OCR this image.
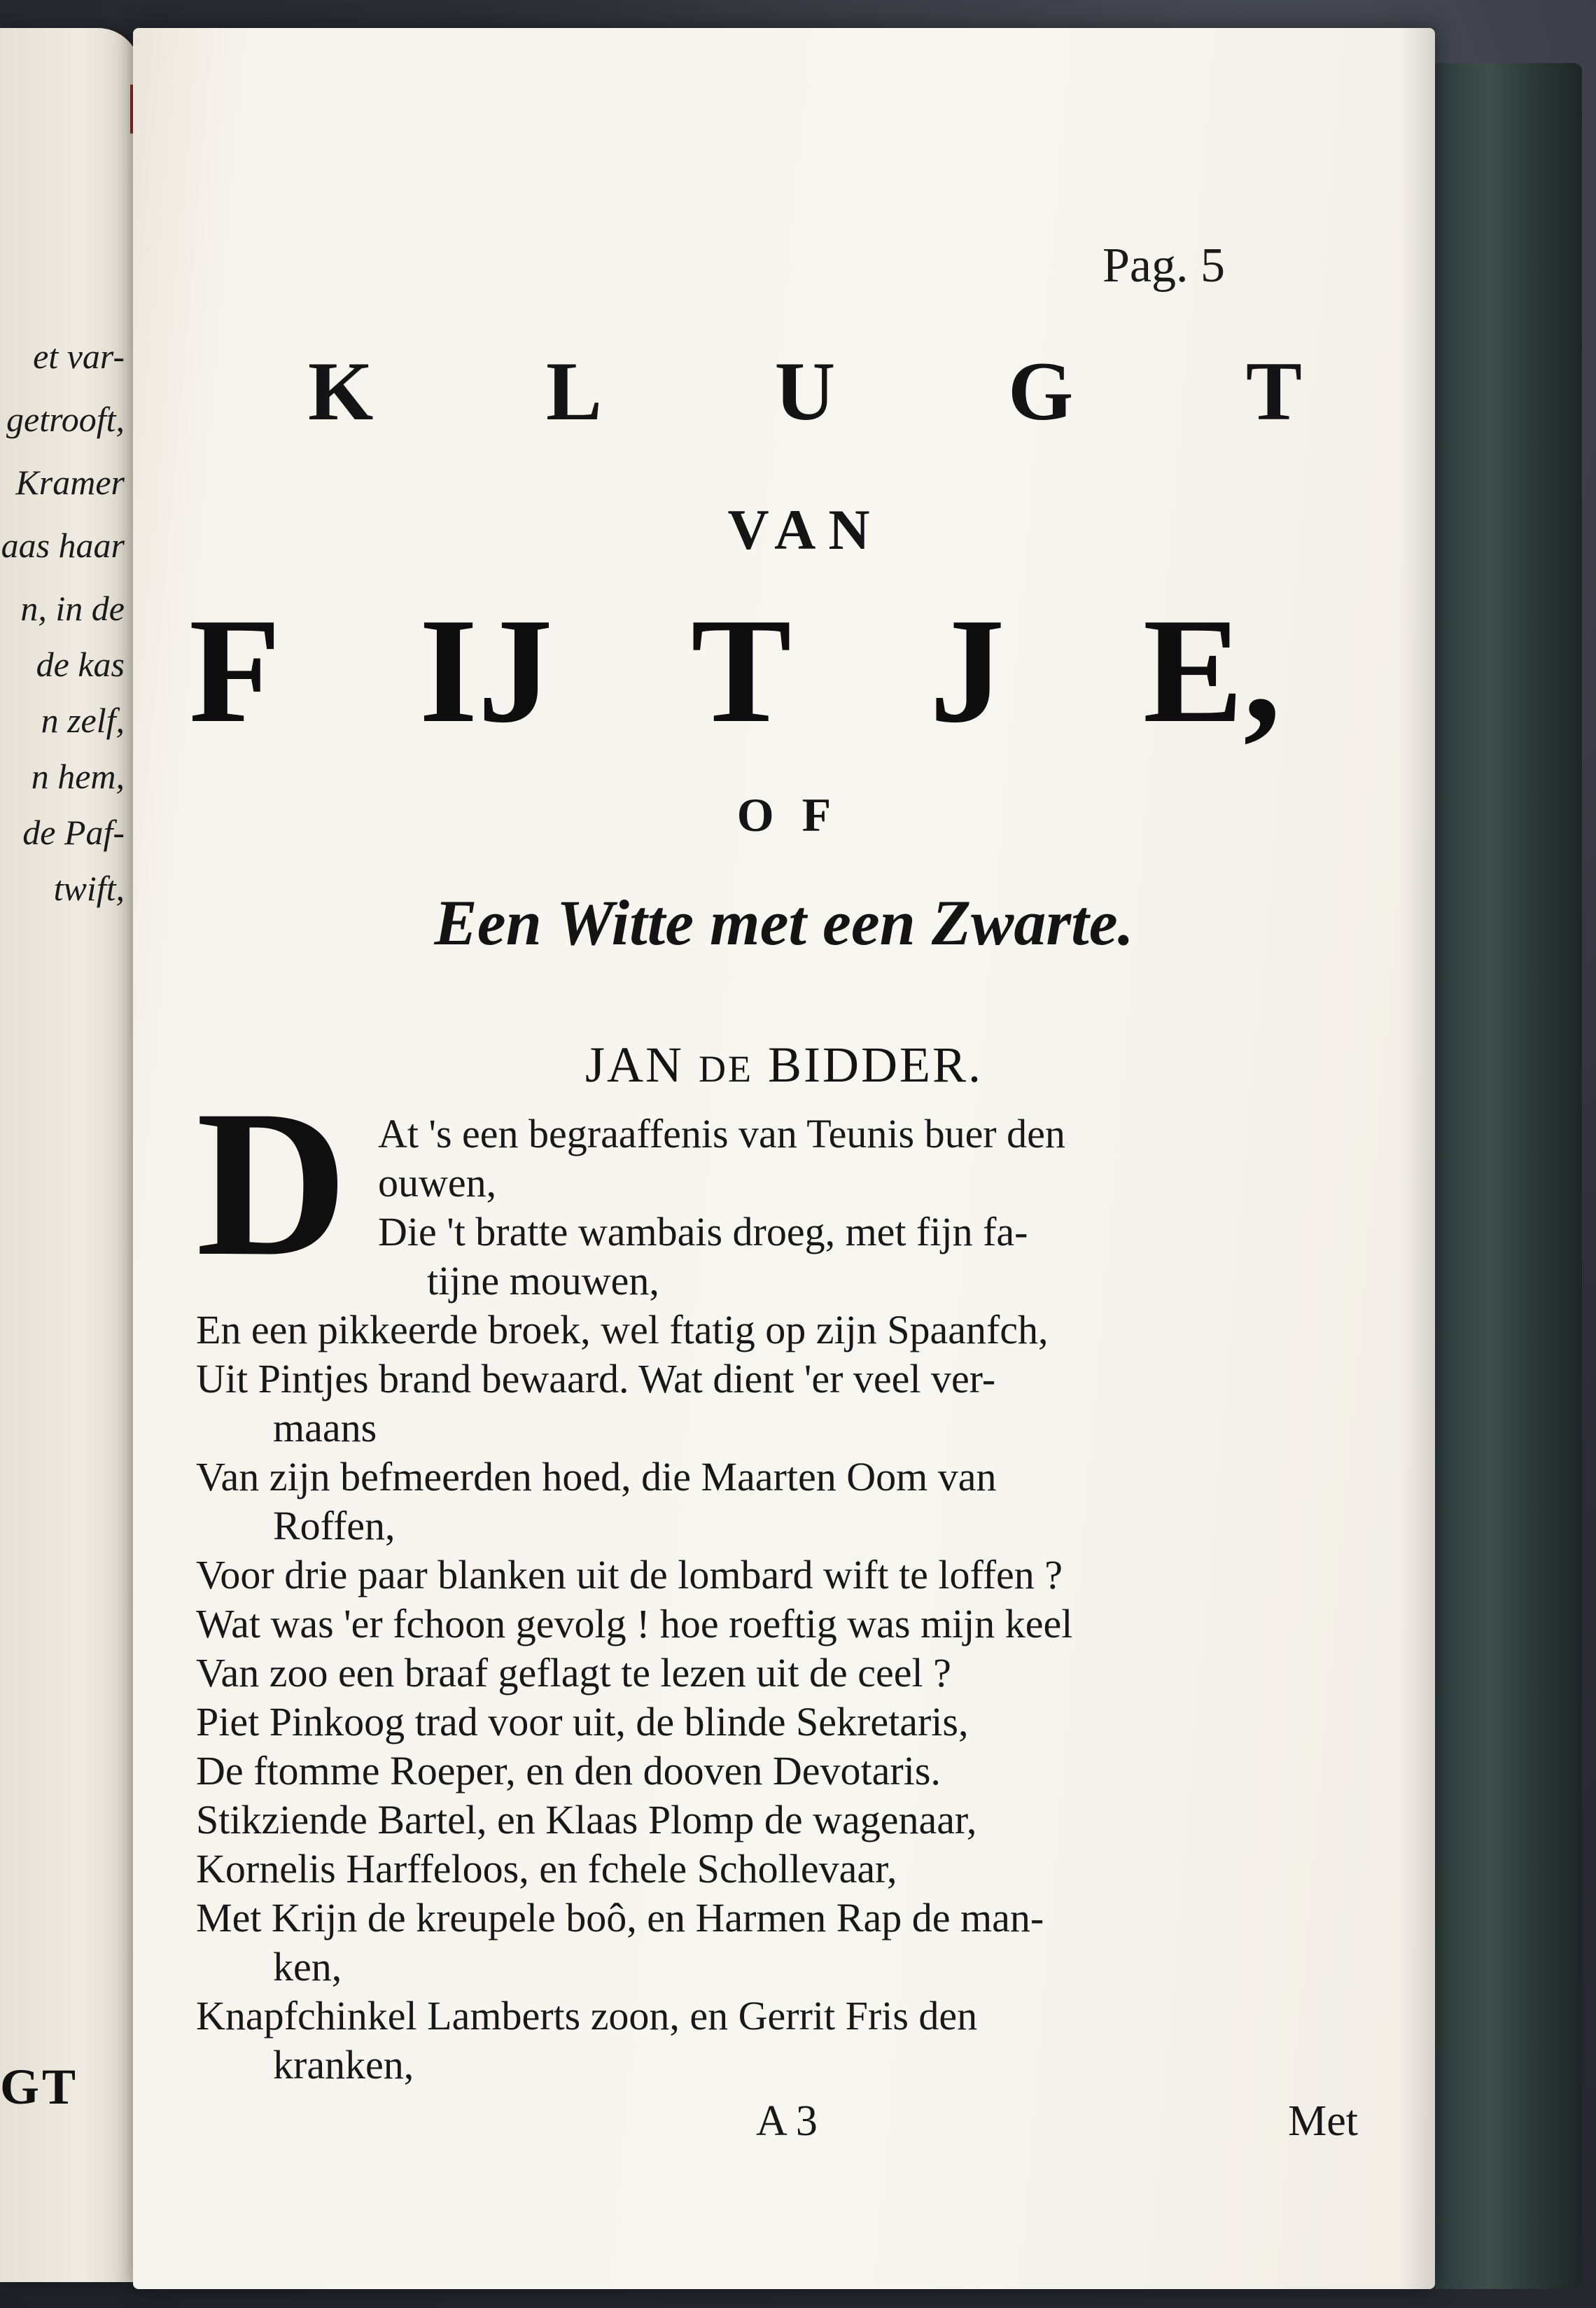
et var-
getrooft,
Kramer
aas haar
n, in de
de kas
n zelf,
n hem,
de Paf-
twift,
GT
Pag. 5
K L U G T
VAN
F IJ T J E,
OF
Een Witte met een Zwarte.
JAN DE BIDDER.
D At 's een begraaffenis van Teunis buer den
ouwen,
Die 't bratte wambais droeg, met fijn fa-
tijne mouwen,
En een pikkeerde broek, wel ftatig op zijn Spaanfch,
Uit Pintjes brand bewaard. Wat dient 'er veel ver-
maans
Van zijn befmeerden hoed, die Maarten Oom van
Roffen,
Voor drie paar blanken uit de lombard wift te loffen ?
Wat was 'er fchoon gevolg ! hoe roeftig was mijn keel
Van zoo een braaf geflagt te lezen uit de ceel ?
Piet Pinkoog trad voor uit, de blinde Sekretaris,
De ftomme Roeper, en den dooven Devotaris.
Stikziende Bartel, en Klaas Plomp de wagenaar,
Kornelis Harffeloos, en fchele Schollevaar,
Met Krijn de kreupele boô, en Harmen Rap de man-
ken,
Knapfchinkel Lamberts zoon, en Gerrit Fris den
kranken,
A 3	Met
